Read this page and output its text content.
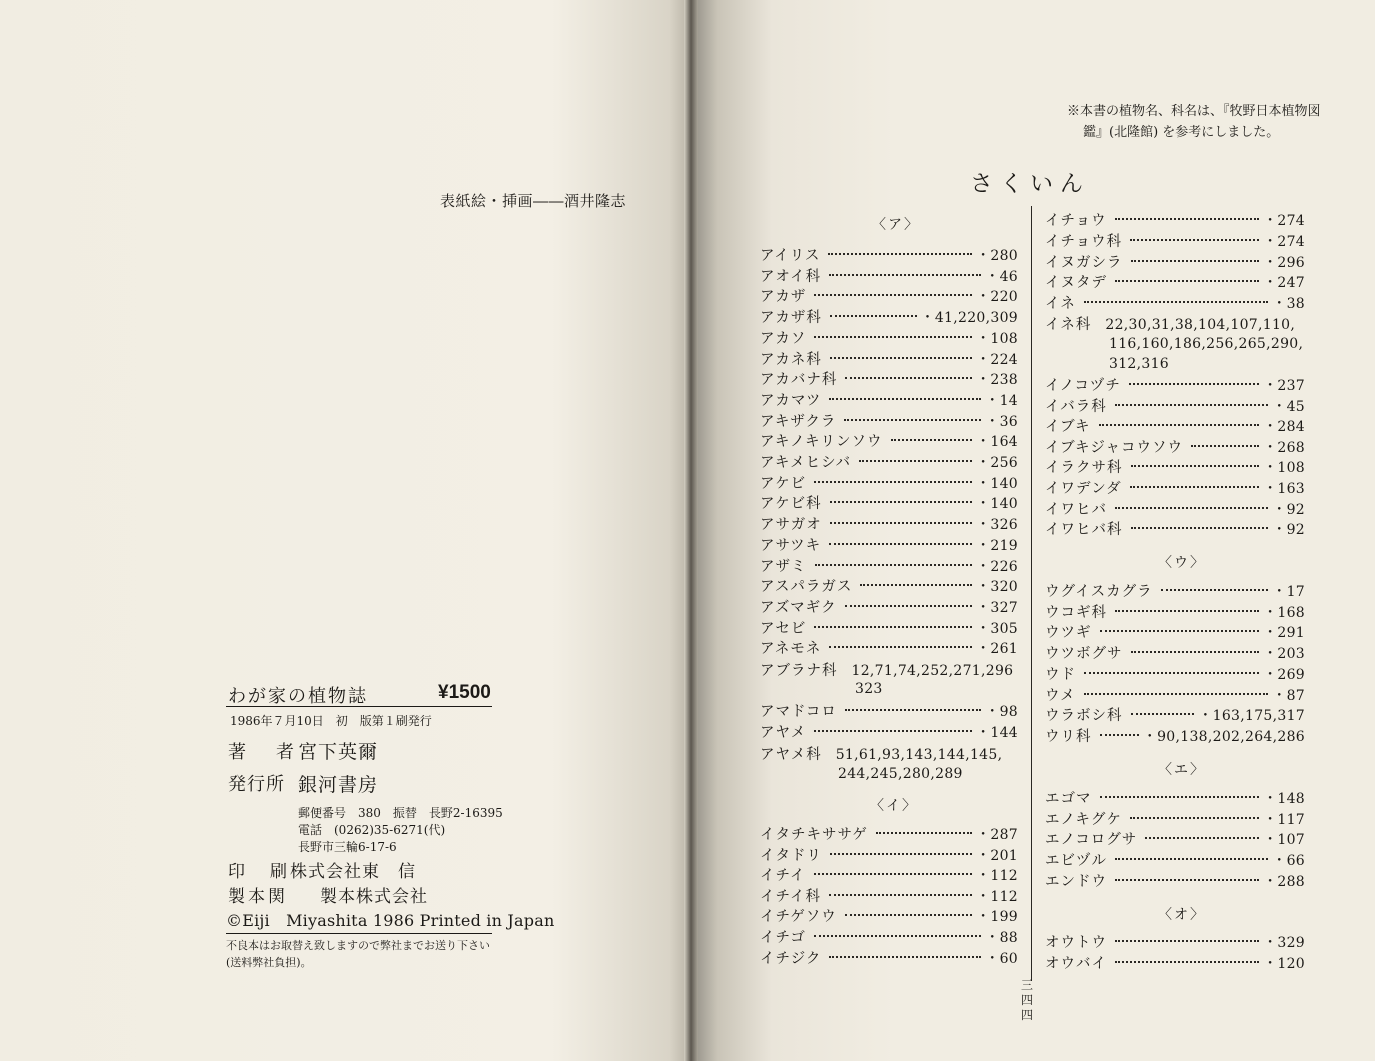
表紙絵・挿画――酒井隆志
わが家の植物誌	¥1500
1986年７月10日　初　版第１刷発行
著　者
宮下英爾
発行所 銀河書房
郵便番号　380　振替　長野2-16395
電話　(0262)35-6271(代)
長野市三輪6-17-6
印　刷 株式会社東　信
製本関 製本株式会社
©Eiji　Miyashita 1986 Printed in Japan
不良本はお取替え致しますので弊社までお送り下さい(送料弊社負担)。
※本書の植物名、科名は、『牧野日本植物図鑑』(北隆館) を参考にしました。
さくいん
〈ア〉
アイリス	・280
アオイ科	・46
アカザ	・220
アカザ科	・41,220,309
アカソ	・108
アカネ科	・224
アカバナ科	・238
アカマツ	・14
アキザクラ	・36
アキノキリンソウ	・164
アキメヒシバ	・256
アケビ	・140
アケビ科	・140
アサガオ	・326
アサツキ	・219
アザミ	・226
アスパラガス	・320
アズマギク	・327
アセビ	・305
アネモネ	・261
アブラナ科 12,71,74,252,271,296
323
アマドコロ	・98
アヤメ	・144
アヤメ科 51,61,93,143,144,145,
244,245,280,289
〈イ〉
イタチキササゲ	・287
イタドリ	・201
イチイ	・112
イチイ科	・112
イチゲソウ	・199
イチゴ	・88
イチジク	・60
イチョウ	・274
イチョウ科	・274
イヌガシラ	・296
イヌタデ	・247
イネ	・38
イネ科 22,30,31,38,104,107,110,
116,160,186,256,265,290,
312,316
イノコヅチ	・237
イバラ科	・45
イブキ	・284
イブキジャコウソウ	・268
イラクサ科	・108
イワデンダ	・163
イワヒバ	・92
イワヒバ科	・92
〈ウ〉
ウグイスカグラ	・17
ウコギ科	・168
ウツギ	・291
ウツボグサ	・203
ウド	・269
ウメ	・87
ウラボシ科	・163,175,317
ウリ科	・90,138,202,264,286
〈エ〉
エゴマ	・148
エノキグケ	・117
エノコログサ	・107
エビヅル	・66
エンドウ	・288
〈オ〉
オウトウ	・329
オウバイ	・120
三四四
